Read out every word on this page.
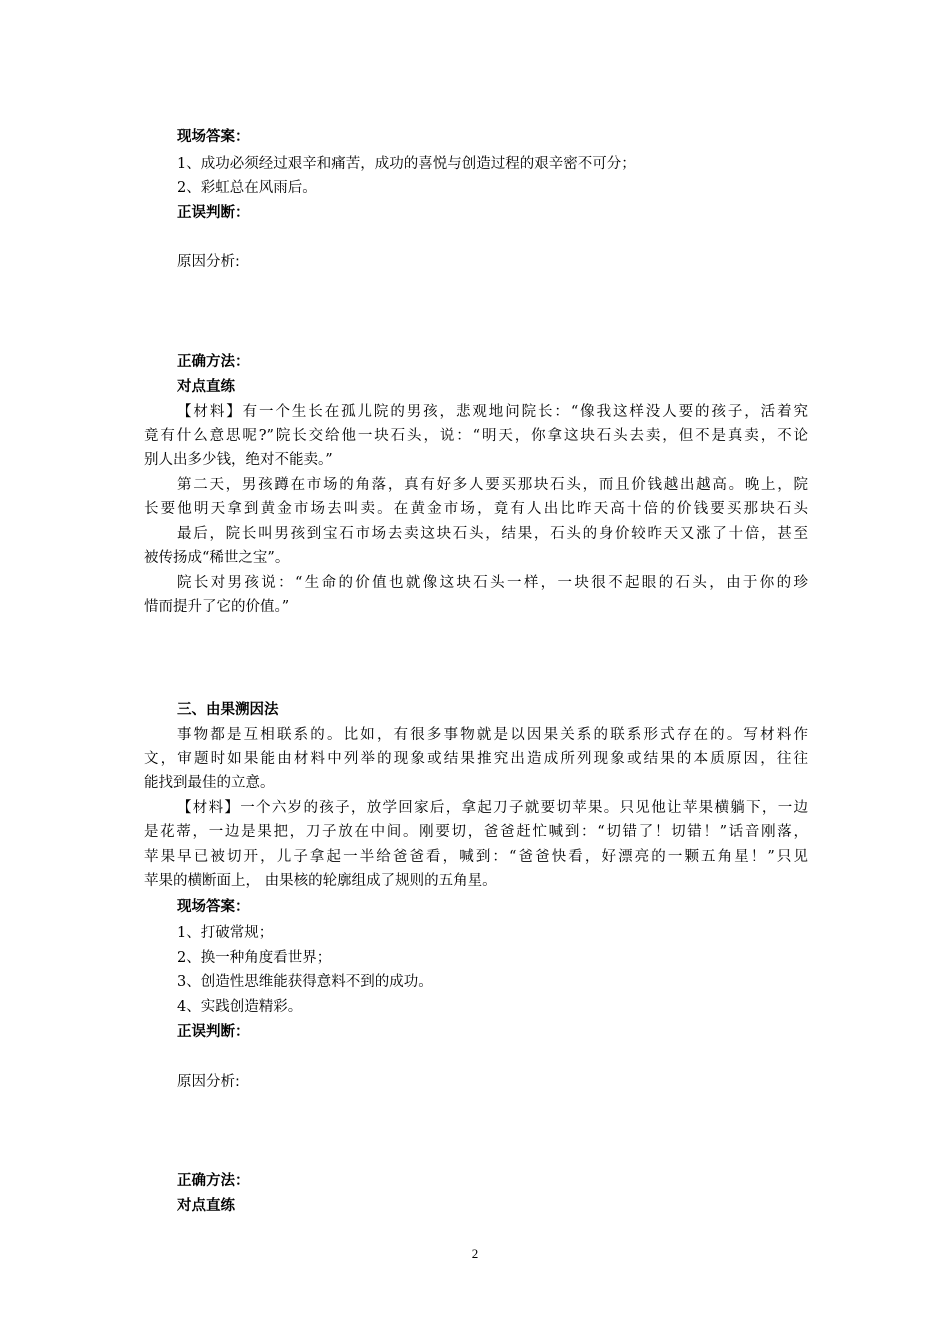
现场答案：
1、成功必须经过艰辛和痛苦，成功的喜悦与创造过程的艰辛密不可分；
2、彩虹总在风雨后。
正误判断：
原因分析:
正确方法：
对点直练
【材料】有一个生长在孤儿院的男孩，悲观地问院长：“像我这样没人要的孩子，活着究
竟有什么意思呢?”院长交给他一块石头，说：“明天，你拿这块石头去卖，但不是真卖，不论
别人出多少钱，绝对不能卖。”
第二天，男孩蹲在市场的角落，真有好多人要买那块石头，而且价钱越出越高。晚上，院
长要他明天拿到黄金市场去叫卖。在黄金市场，竟有人出比昨天高十倍的价钱要买那块石头
最后，院长叫男孩到宝石市场去卖这块石头，结果，石头的身价较昨天又涨了十倍，甚至
被传扬成“稀世之宝”。
院长对男孩说：“生命的价值也就像这块石头一样，一块很不起眼的石头，由于你的珍
惜而提升了它的价值。”
三、由果溯因法
事物都是互相联系的。比如，有很多事物就是以因果关系的联系形式存在的。写材料作
文，审题时如果能由材料中列举的现象或结果推究出造成所列现象或结果的本质原因，往往
能找到最佳的立意。
【材料】一个六岁的孩子，放学回家后，拿起刀子就要切苹果。只见他让苹果横躺下，一边
是花蒂，一边是果把，刀子放在中间。刚要切，爸爸赶忙喊到：“切错了！切错！”话音刚落，
苹果早已被切开，儿子拿起一半给爸爸看，喊到：“爸爸快看，好漂亮的一颗五角星！”只见
苹果的横断面上， 由果核的轮廓组成了规则的五角星。
现场答案：
1、打破常规；
2、换一种角度看世界；
3、创造性思维能获得意料不到的成功。
4、实践创造精彩。
正误判断：
原因分析:
正确方法：
对点直练
2
